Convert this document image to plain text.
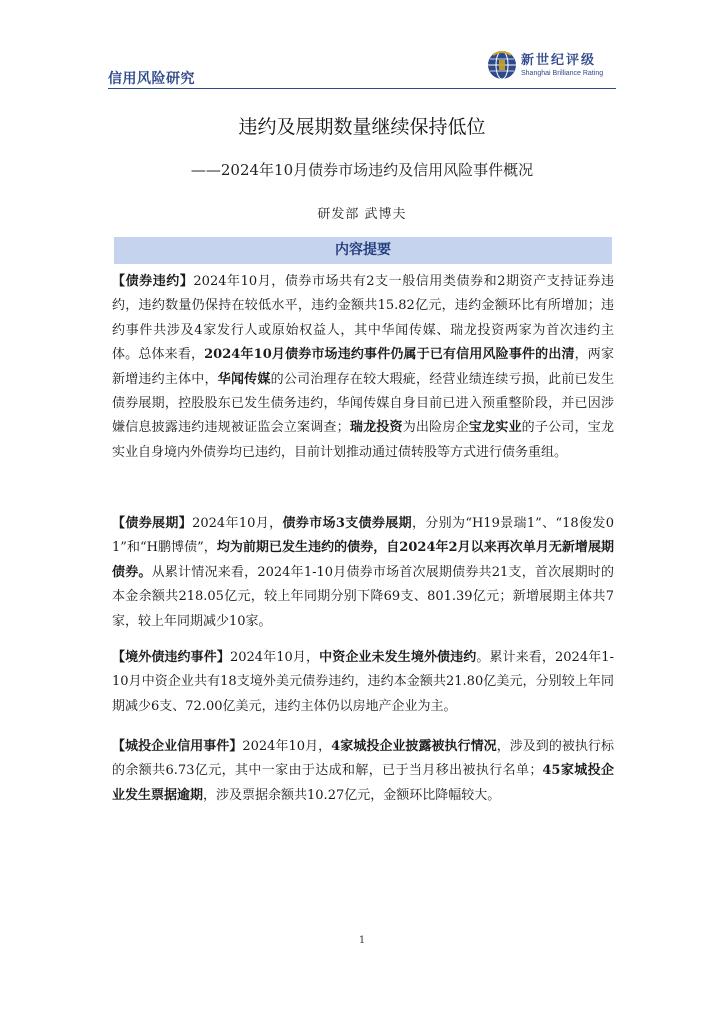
信用风险研究
新世纪评级
Shanghai Brilliance Rating
违约及展期数量继续保持低位
——2024年10月债券市场违约及信用风险事件概况
研发部 武博夫
内容提要

【债券违约】2024年10月，债券市场共有2支一般信用类债券和2期资产支持证券违约，违约数量仍保持在较低水平，违约金额共15.82亿元，违约金额环比有所增加；违约事件共涉及4家发行人或原始权益人，其中华闻传媒、瑞龙投资两家为首次违约主体。总体来看，2024年10月债券市场违约事件仍属于已有信用风险事件的出清，两家新增违约主体中，华闻传媒的公司治理存在较大瑕疵，经营业绩连续亏损，此前已发生债券展期，控股股东已发生债务违约，华闻传媒自身目前已进入预重整阶段，并已因涉嫌信息披露违约违规被证监会立案调查；瑞龙投资为出险房企宝龙实业的子公司，宝龙实业自身境内外债券均已违约，目前计划推动通过债转股等方式进行债务重组。

【债券展期】2024年10月，债券市场3支债券展期，分别为“H19景瑞1”、“18俊发01”和“H鹏博债”，均为前期已发生违约的债券，自2024年2月以来再次单月无新增展期债券。从累计情况来看，2024年1-10月债券市场首次展期债券共21支，首次展期时的本金余额共218.05亿元，较上年同期分别下降69支、801.39亿元；新增展期主体共7家，较上年同期减少10家。

【境外债违约事件】2024年10月，中资企业未发生境外债违约。累计来看，2024年1-10月中资企业共有18支境外美元债券违约，违约本金额共21.80亿美元，分别较上年同期减少6支、72.00亿美元，违约主体仍以房地产企业为主。

【城投企业信用事件】2024年10月，4家城投企业披露被执行情况，涉及到的被执行标的余额共6.73亿元，其中一家由于达成和解，已于当月移出被执行名单；45家城投企业发生票据逾期，涉及票据余额共10.27亿元，金额环比降幅较大。

1
